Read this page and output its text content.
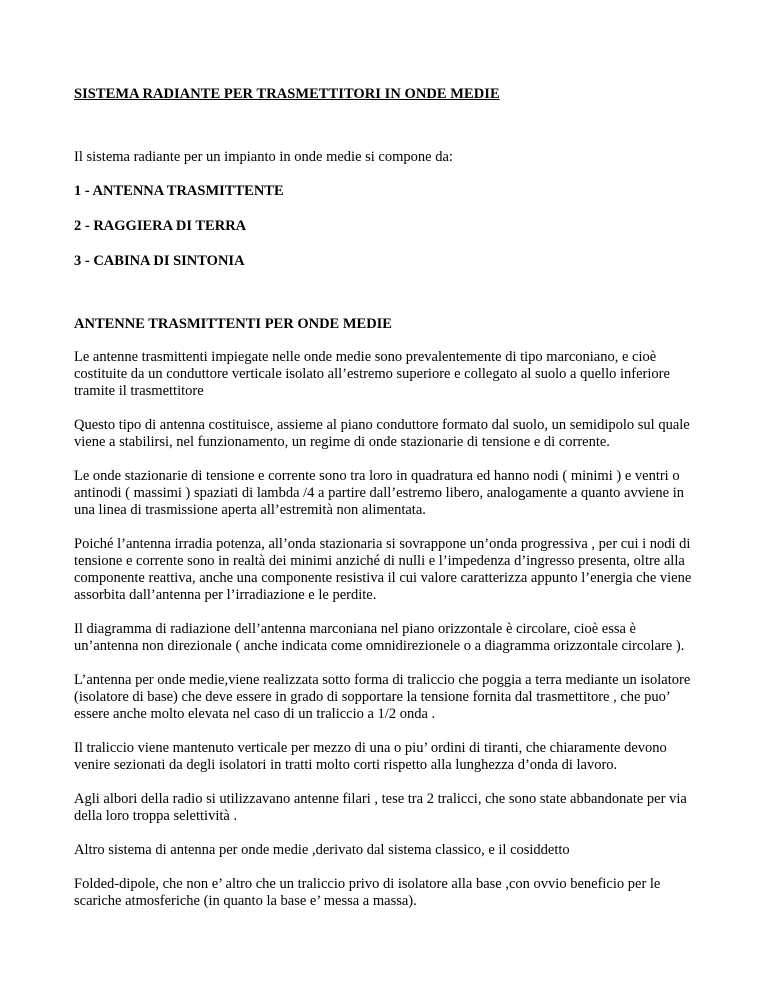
SISTEMA RADIANTE PER TRASMETTITORI IN ONDE MEDIE

Il sistema radiante per un impianto in onde medie si compone da:

1 - ANTENNA TRASMITTENTE
2 - RAGGIERA DI TERRA
3 - CABINA DI SINTONIA
ANTENNE TRASMITTENTI PER ONDE MEDIE

Le antenne trasmittenti impiegate nelle onde medie sono prevalentemente di tipo marconiano, e cioè costituite da un conduttore verticale isolato all’estremo superiore e collegato al suolo a quello inferiore tramite il trasmettitore

Questo tipo di antenna costituisce, assieme al piano conduttore formato dal suolo, un semidipolo sul quale viene a stabilirsi, nel funzionamento, un regime di onde stazionarie di tensione e di corrente.

Le onde stazionarie di tensione e corrente sono tra loro in quadratura ed hanno nodi ( minimi ) e ventri o antinodi ( massimi ) spaziati di lambda /4 a partire dall’estremo libero, analogamente a quanto avviene in una linea di trasmissione aperta all’estremità non alimentata.

Poiché l’antenna irradia potenza, all’onda stazionaria si sovrappone un’onda progressiva , per cui i nodi di tensione e corrente sono in realtà dei minimi anziché di nulli e l’impedenza d’ingresso presenta, oltre alla componente reattiva, anche una componente resistiva il cui valore caratterizza appunto l’energia che viene assorbita dall’antenna per l’irradiazione e le perdite.

Il diagramma di radiazione dell’antenna marconiana nel piano orizzontale è circolare, cioè essa è un’antenna non direzionale ( anche indicata come omnidirezionele o a diagramma orizzontale circolare ).

L’antenna per onde medie,viene realizzata sotto forma di traliccio che poggia a terra mediante un isolatore (isolatore di base) che deve essere in grado di sopportare la tensione fornita dal trasmettitore , che puo’ essere anche molto elevata nel caso di un traliccio a 1/2 onda .

Il traliccio viene mantenuto verticale per mezzo di una o piu’ ordini di tiranti, che chiaramente devono venire sezionati da degli isolatori in tratti molto corti rispetto alla lunghezza d’onda di lavoro.

Agli albori della radio si utilizzavano antenne filari , tese tra 2 tralicci, che sono state abbandonate per via della loro troppa selettività .

Altro sistema di antenna per onde medie ,derivato dal sistema classico, e il cosiddetto

Folded-dipole, che non e’ altro che un traliccio privo di isolatore alla base ,con ovvio beneficio per le scariche atmosferiche (in quanto la base e’ messa a massa).
